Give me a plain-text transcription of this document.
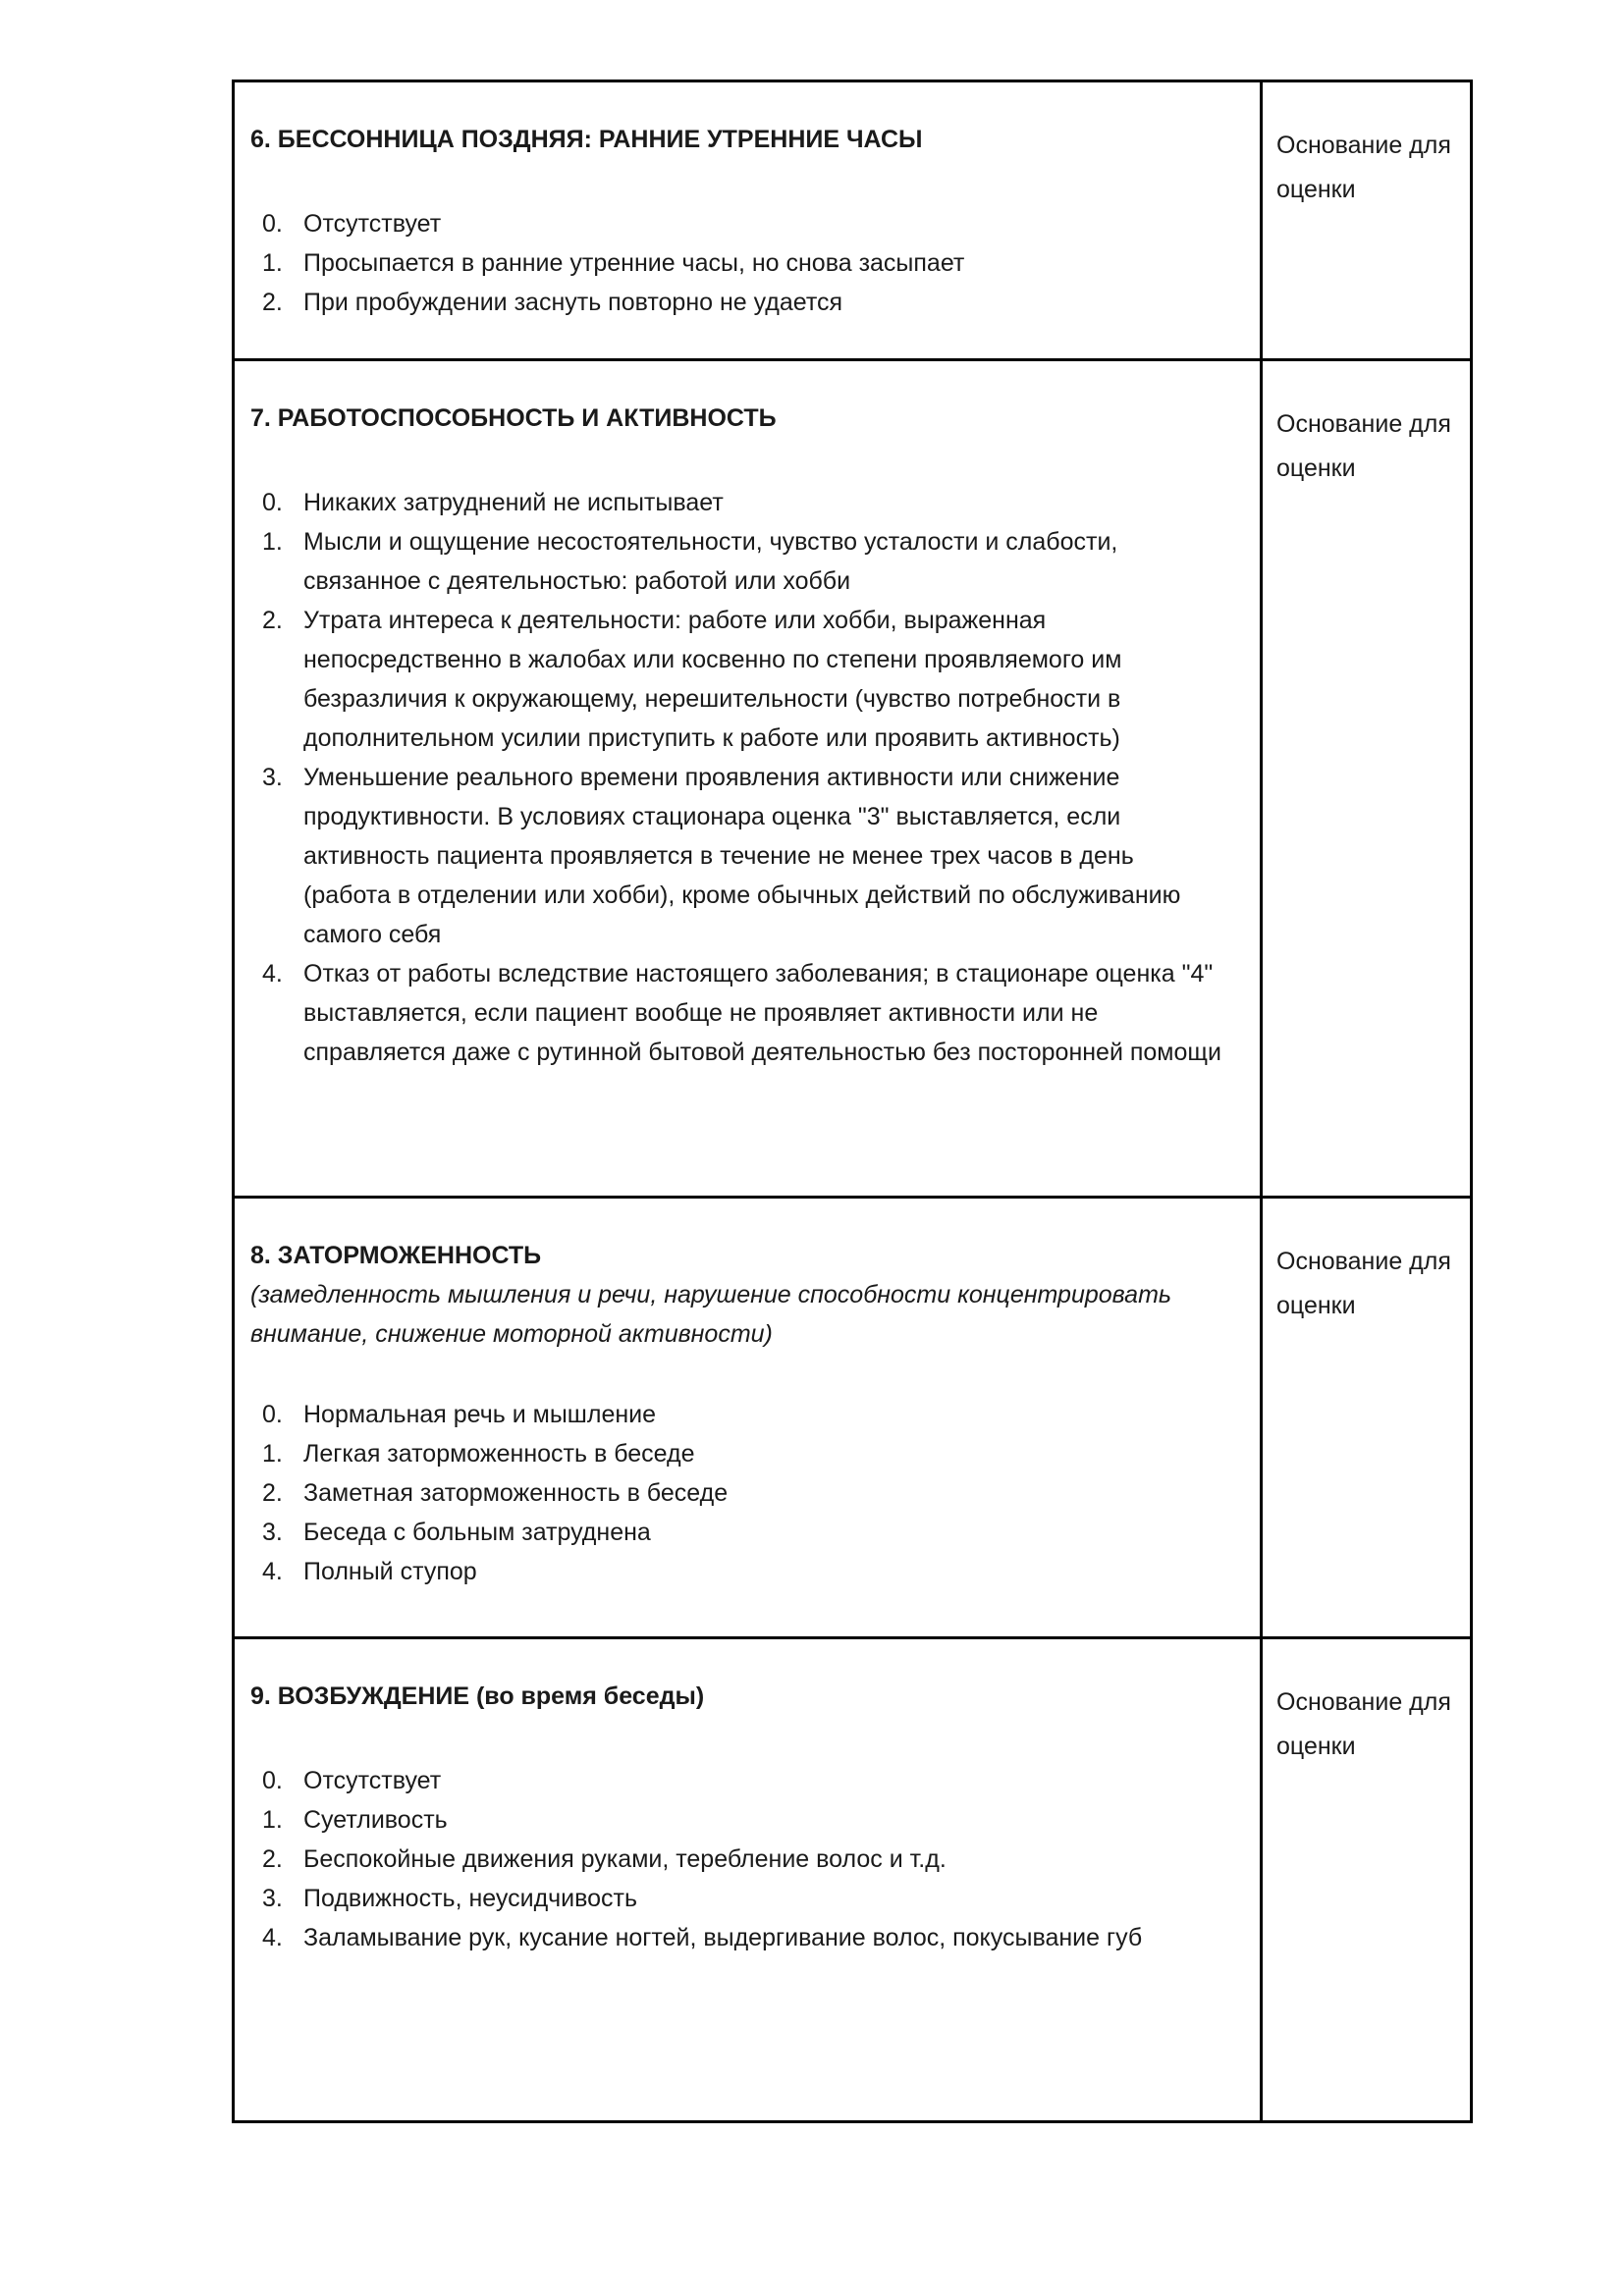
6. БЕССОННИЦА ПОЗДНЯЯ: РАННИЕ УТРЕННИЕ ЧАСЫ
0. Отсутствует
1. Просыпается в ранние утренние часы, но снова засыпает
2. При пробуждении заснуть повторно не удается

Основание для оценки

7. РАБОТОСПОСОБНОСТЬ И АКТИВНОСТЬ
0. Никаких затруднений не испытывает
1. Мысли и ощущение несостоятельности, чувство усталости и слабости, связанное с деятельностью: работой или хобби
2. Утрата интереса к деятельности: работе или хобби, выраженная непосредственно в жалобах или косвенно по степени проявляемого им безразличия к окружающему, нерешительности (чувство потребности в дополнительном усилии приступить к работе или проявить активность)
3. Уменьшение реального времени проявления активности или снижение продуктивности. В условиях стационара оценка "3" выставляется, если активность пациента проявляется в течение не менее трех часов в день (работа в отделении или хобби), кроме обычных действий по обслуживанию самого себя
4. Отказ от работы вследствие настоящего заболевания; в стационаре оценка "4" выставляется, если пациент вообще не проявляет активности или не справляется даже с рутинной бытовой деятельностью без посторонней помощи

Основание для оценки

8. ЗАТОРМОЖЕННОСТЬ
(замедленность мышления и речи, нарушение способности концентрировать внимание, снижение моторной активности)
0. Нормальная речь и мышление
1. Легкая заторможенность в беседе
2. Заметная заторможенность в беседе
3. Беседа с больным затруднена
4. Полный ступор

Основание для оценки

9. ВОЗБУЖДЕНИЕ (во время беседы)
0. Отсутствует
1. Суетливость
2. Беспокойные движения руками, теребление волос и т.д.
3. Подвижность, неусидчивость
4. Заламывание рук, кусание ногтей, выдергивание волос, покусывание губ

Основание для оценки
